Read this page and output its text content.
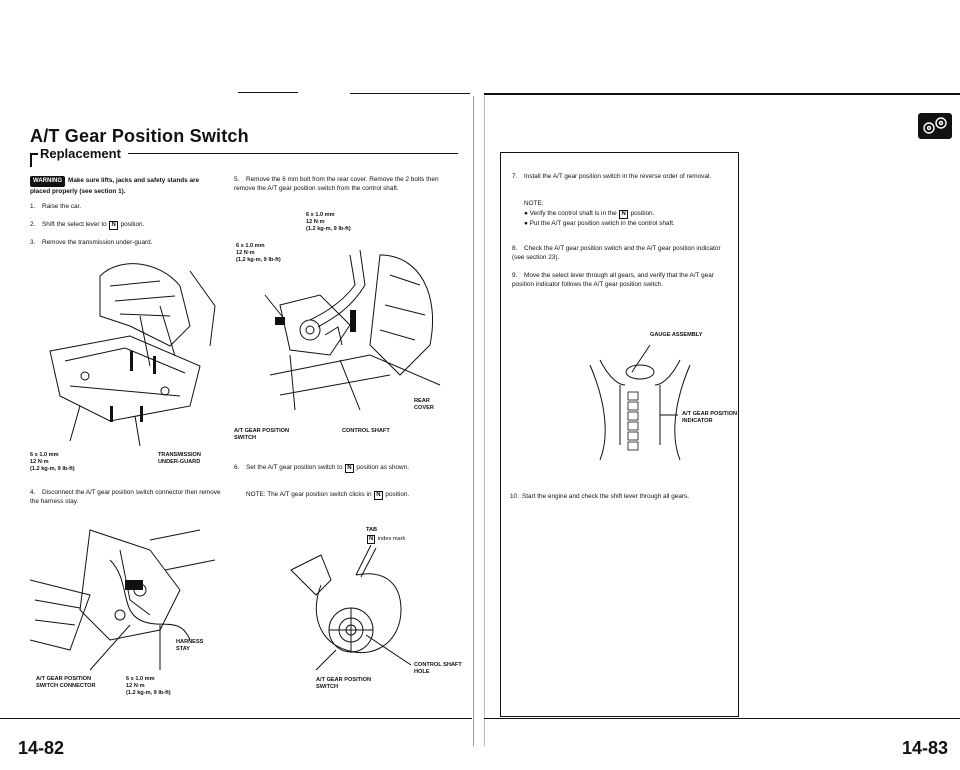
A/T Gear Position Switch
Replacement
WARNING Make sure lifts, jacks and safety stands are placed properly (see section 1).
1. Raise the car.
2. Shift the select lever to N position.
3. Remove the transmission under-guard.
6 x 1.0 mm
12 N·m
(1.2 kg-m, 9 lb-ft)
TRANSMISSION
UNDER-GUARD
4. Disconnect the A/T gear position switch connector then remove the harness stay.
HARNESS
STAY
A/T GEAR POSITION
SWITCH CONNECTOR
6 x 1.0 mm
12 N·m
(1.2 kg-m, 9 lb-ft)
5. Remove the 6 mm bolt from the rear cover. Remove the 2 bolts then remove the A/T gear position switch from the control shaft.
6 x 1.0 mm
12 N·m
(1.2 kg-m, 9 lb-ft)
6 x 1.0 mm
12 N·m
(1.2 kg-m, 9 lb-ft)
REAR
COVER
A/T GEAR POSITION
SWITCH
CONTROL SHAFT
6. Set the A/T gear position switch to N position as shown.
NOTE: The A/T gear position switch clicks in N position.
TAB
N index mark
CONTROL SHAFT
HOLE
A/T GEAR POSITION
SWITCH
14-82
7. Install the A/T gear position switch in the reverse order of removal.
NOTE:
● Verify the control shaft is in the N position.
● Put the A/T gear position switch in the control shaft.
8. Check the A/T gear position switch and the A/T gear position indicator (see section 23).
9. Move the select lever through all gears, and verify that the A/T gear position indicator follows the A/T gear position switch.
GAUGE ASSEMBLY
A/T GEAR POSITION
INDICATOR
10. Start the engine and check the shift lever through all gears.
14-83
